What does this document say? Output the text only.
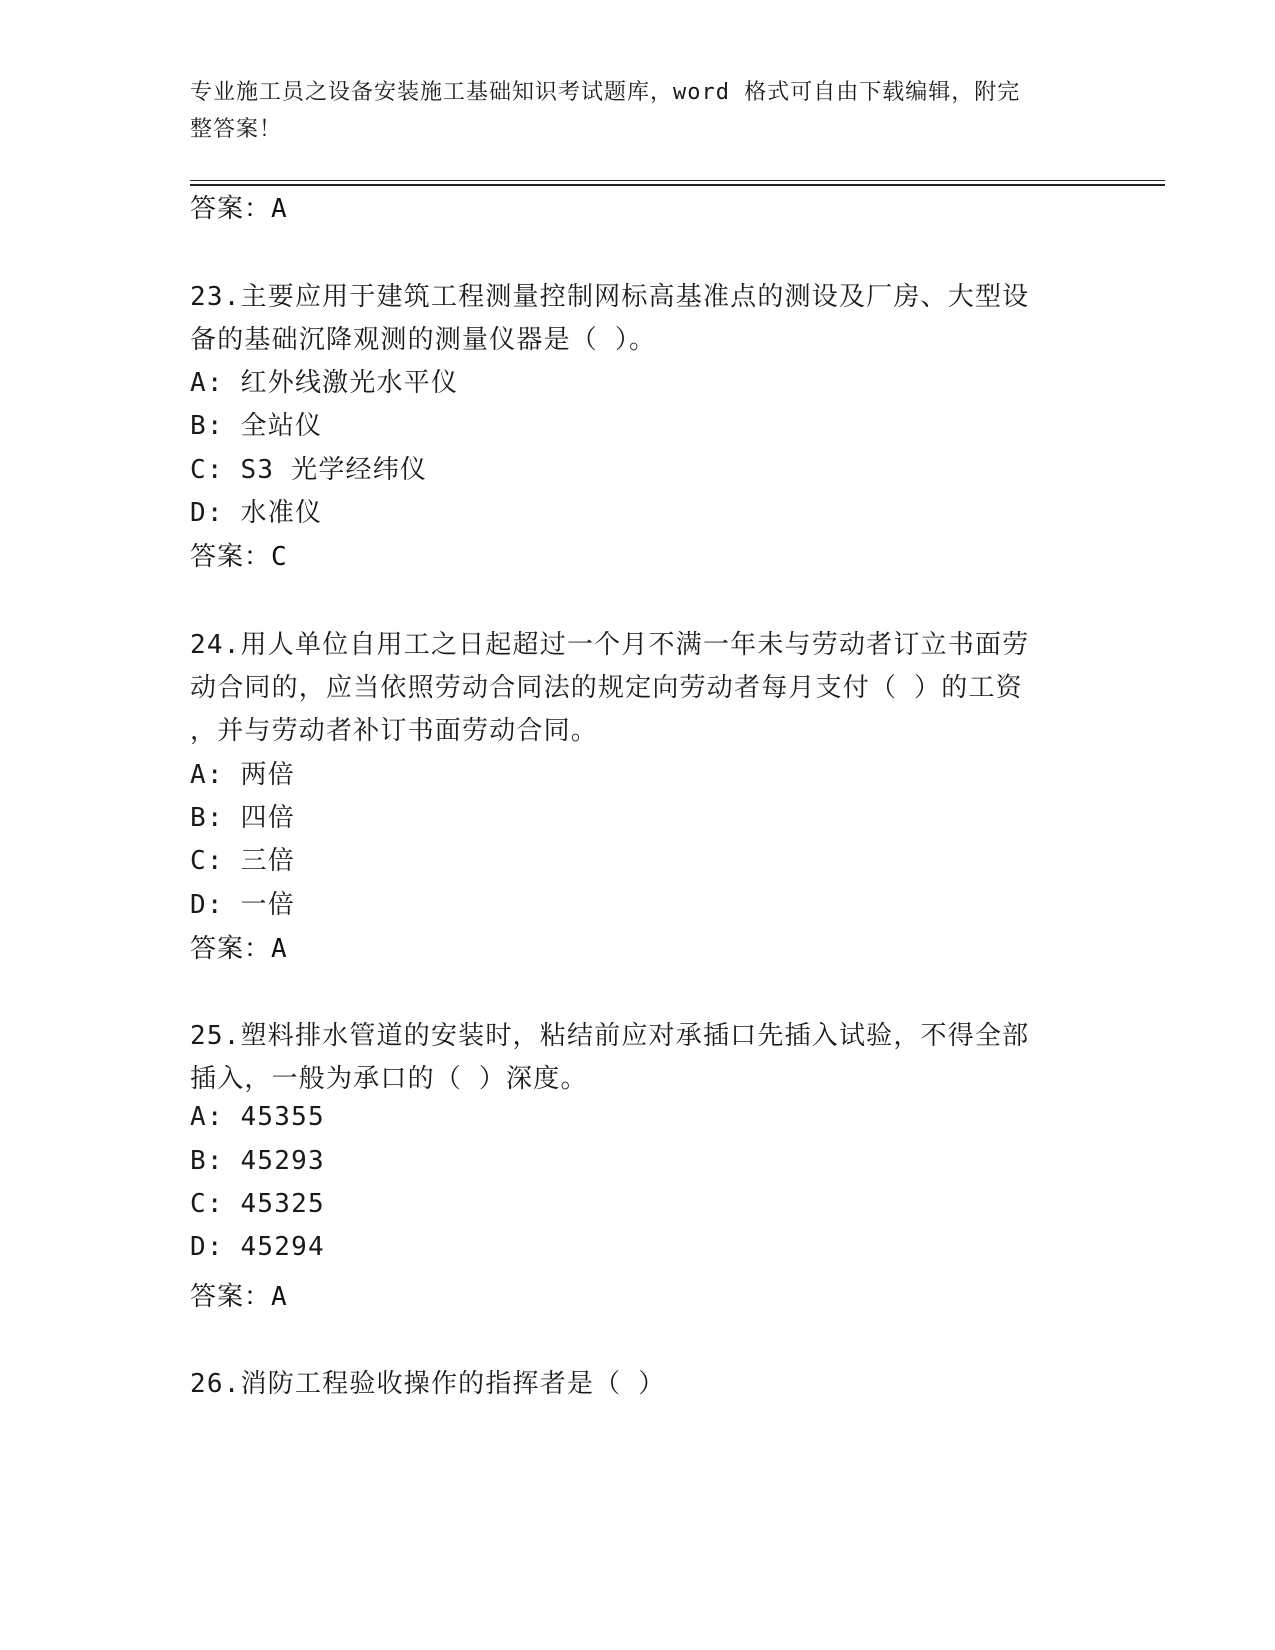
专业施工员之设备安装施工基础知识考试题库，word 格式可自由下载编辑，附完
整答案！
答案：A
23.主要应用于建筑工程测量控制网标高基准点的测设及厂房、大型设
备的基础沉降观测的测量仪器是（ ）。
A: 红外线激光水平仪
B: 全站仪
C: S3 光学经纬仪
D: 水准仪
答案：C
24.用人单位自用工之日起超过一个月不满一年未与劳动者订立书面劳
动合同的，应当依照劳动合同法的规定向劳动者每月支付（ ）的工资
，并与劳动者补订书面劳动合同。
A: 两倍
B: 四倍
C: 三倍
D: 一倍
答案：A
25.塑料排水管道的安装时，粘结前应对承插口先插入试验，不得全部
插入，一般为承口的（ ）深度。
A: 45355
B: 45293
C: 45325
D: 45294
答案：A
26.消防工程验收操作的指挥者是（ ）
